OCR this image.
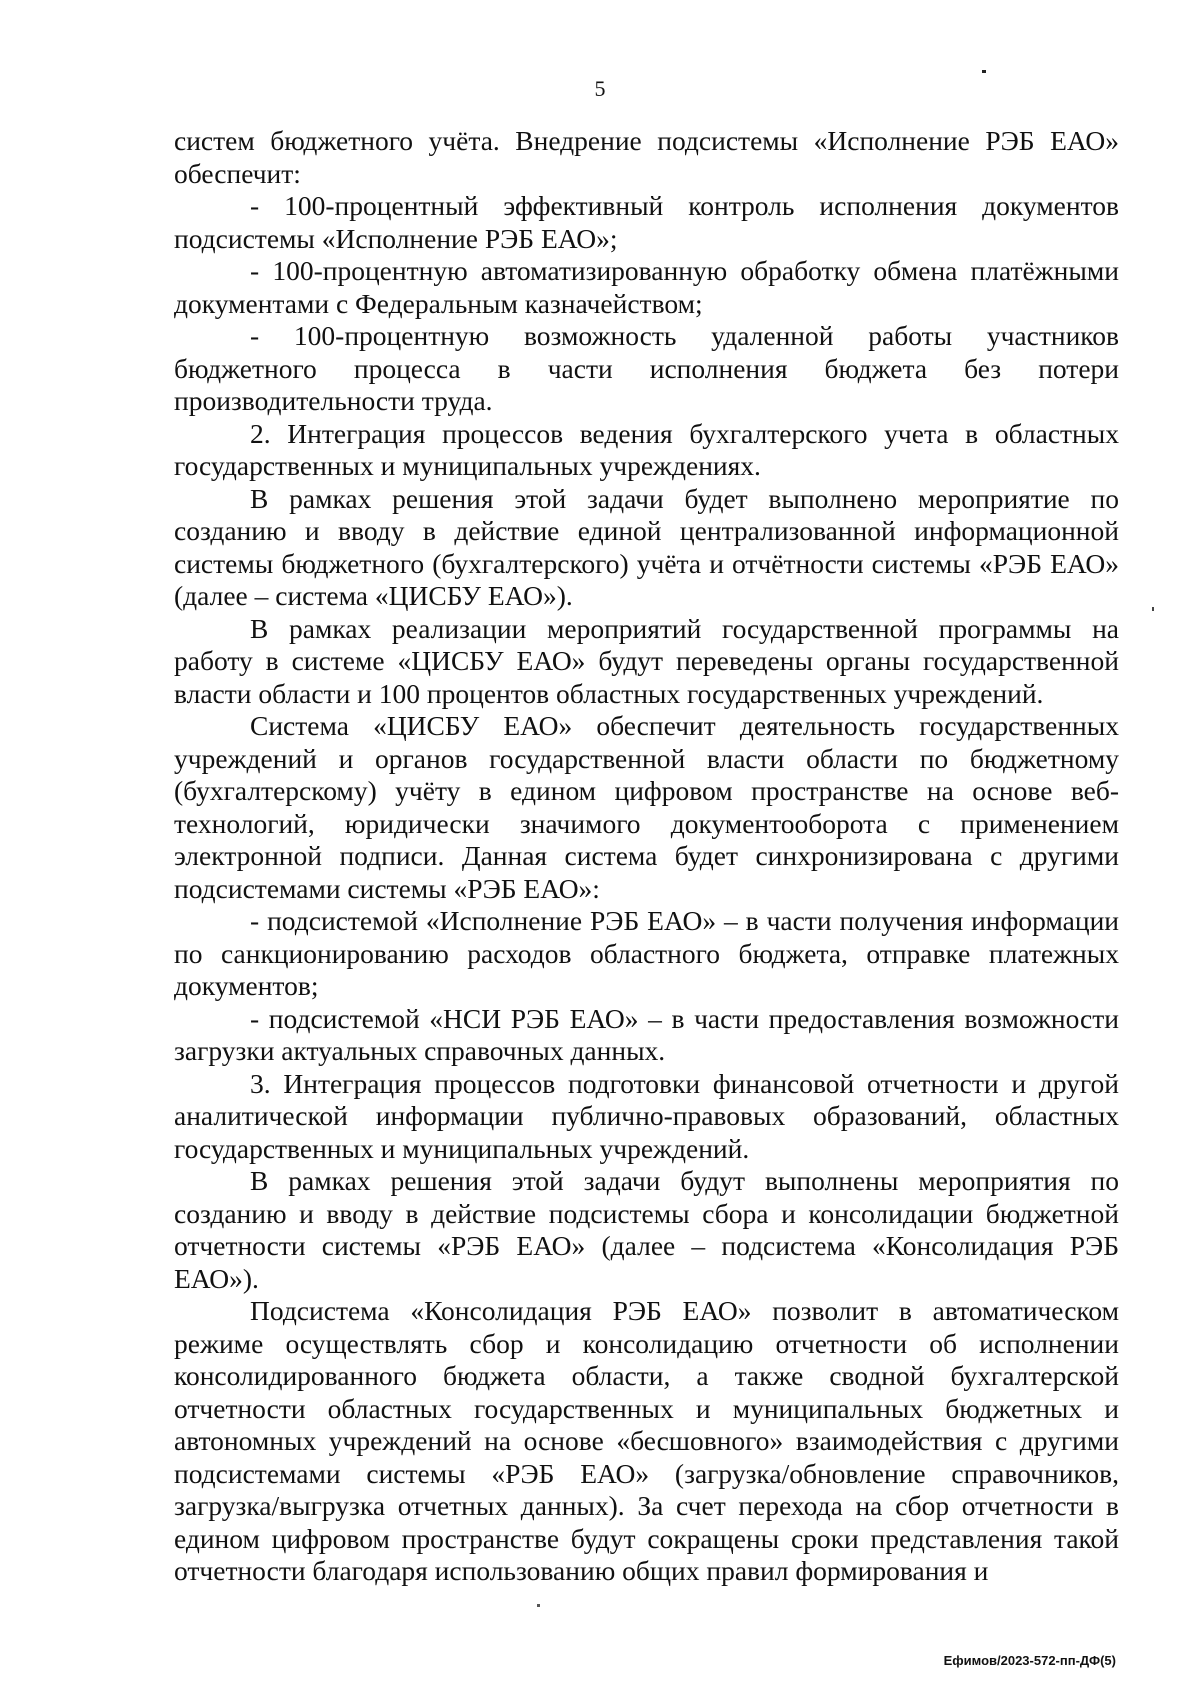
5

систем бюджетного учёта. Внедрение подсистемы «Исполнение РЭБ ЕАО» обеспечит:

- 100-процентный эффективный контроль исполнения документов подсистемы «Исполнение РЭБ ЕАО»;

- 100-процентную автоматизированную обработку обмена платёжными документами с Федеральным казначейством;

- 100-процентную возможность удаленной работы участников бюджетного процесса в части исполнения бюджета без потери производительности труда.

2. Интеграция процессов ведения бухгалтерского учета в областных государственных и муниципальных учреждениях.

В рамках решения этой задачи будет выполнено мероприятие по созданию и вводу в действие единой централизованной информационной системы бюджетного (бухгалтерского) учёта и отчётности системы «РЭБ ЕАО» (далее – система «ЦИСБУ ЕАО»).

В рамках реализации мероприятий государственной программы на работу в системе «ЦИСБУ ЕАО» будут переведены органы государственной власти области и 100 процентов областных государственных учреждений.

Система «ЦИСБУ ЕАО» обеспечит деятельность государственных учреждений и органов государственной власти области по бюджетному (бухгалтерскому) учёту в едином цифровом пространстве на основе веб-технологий, юридически значимого документооборота с применением электронной подписи. Данная система будет синхронизирована с другими подсистемами системы «РЭБ ЕАО»:

- подсистемой «Исполнение РЭБ ЕАО» – в части получения информации по санкционированию расходов областного бюджета, отправке платежных документов;

- подсистемой «НСИ РЭБ ЕАО» – в части предоставления возможности загрузки актуальных справочных данных.

3. Интеграция процессов подготовки финансовой отчетности и другой аналитической информации публично-правовых образований, областных государственных и муниципальных учреждений.

В рамках решения этой задачи будут выполнены мероприятия по созданию и вводу в действие подсистемы сбора и консолидации бюджетной отчетности системы «РЭБ ЕАО» (далее – подсистема «Консолидация РЭБ ЕАО»).

Подсистема «Консолидация РЭБ ЕАО» позволит в автоматическом режиме осуществлять сбор и консолидацию отчетности об исполнении консолидированного бюджета области, а также сводной бухгалтерской отчетности областных государственных и муниципальных бюджетных и автономных учреждений на основе «бесшовного» взаимодействия с другими подсистемами системы «РЭБ ЕАО» (загрузка/обновление справочников, загрузка/выгрузка отчетных данных). За счет перехода на сбор отчетности в едином цифровом пространстве будут сокращены сроки представления такой отчетности благодаря использованию общих правил формирования и

Ефимов/2023-572-пп-ДФ(5)
